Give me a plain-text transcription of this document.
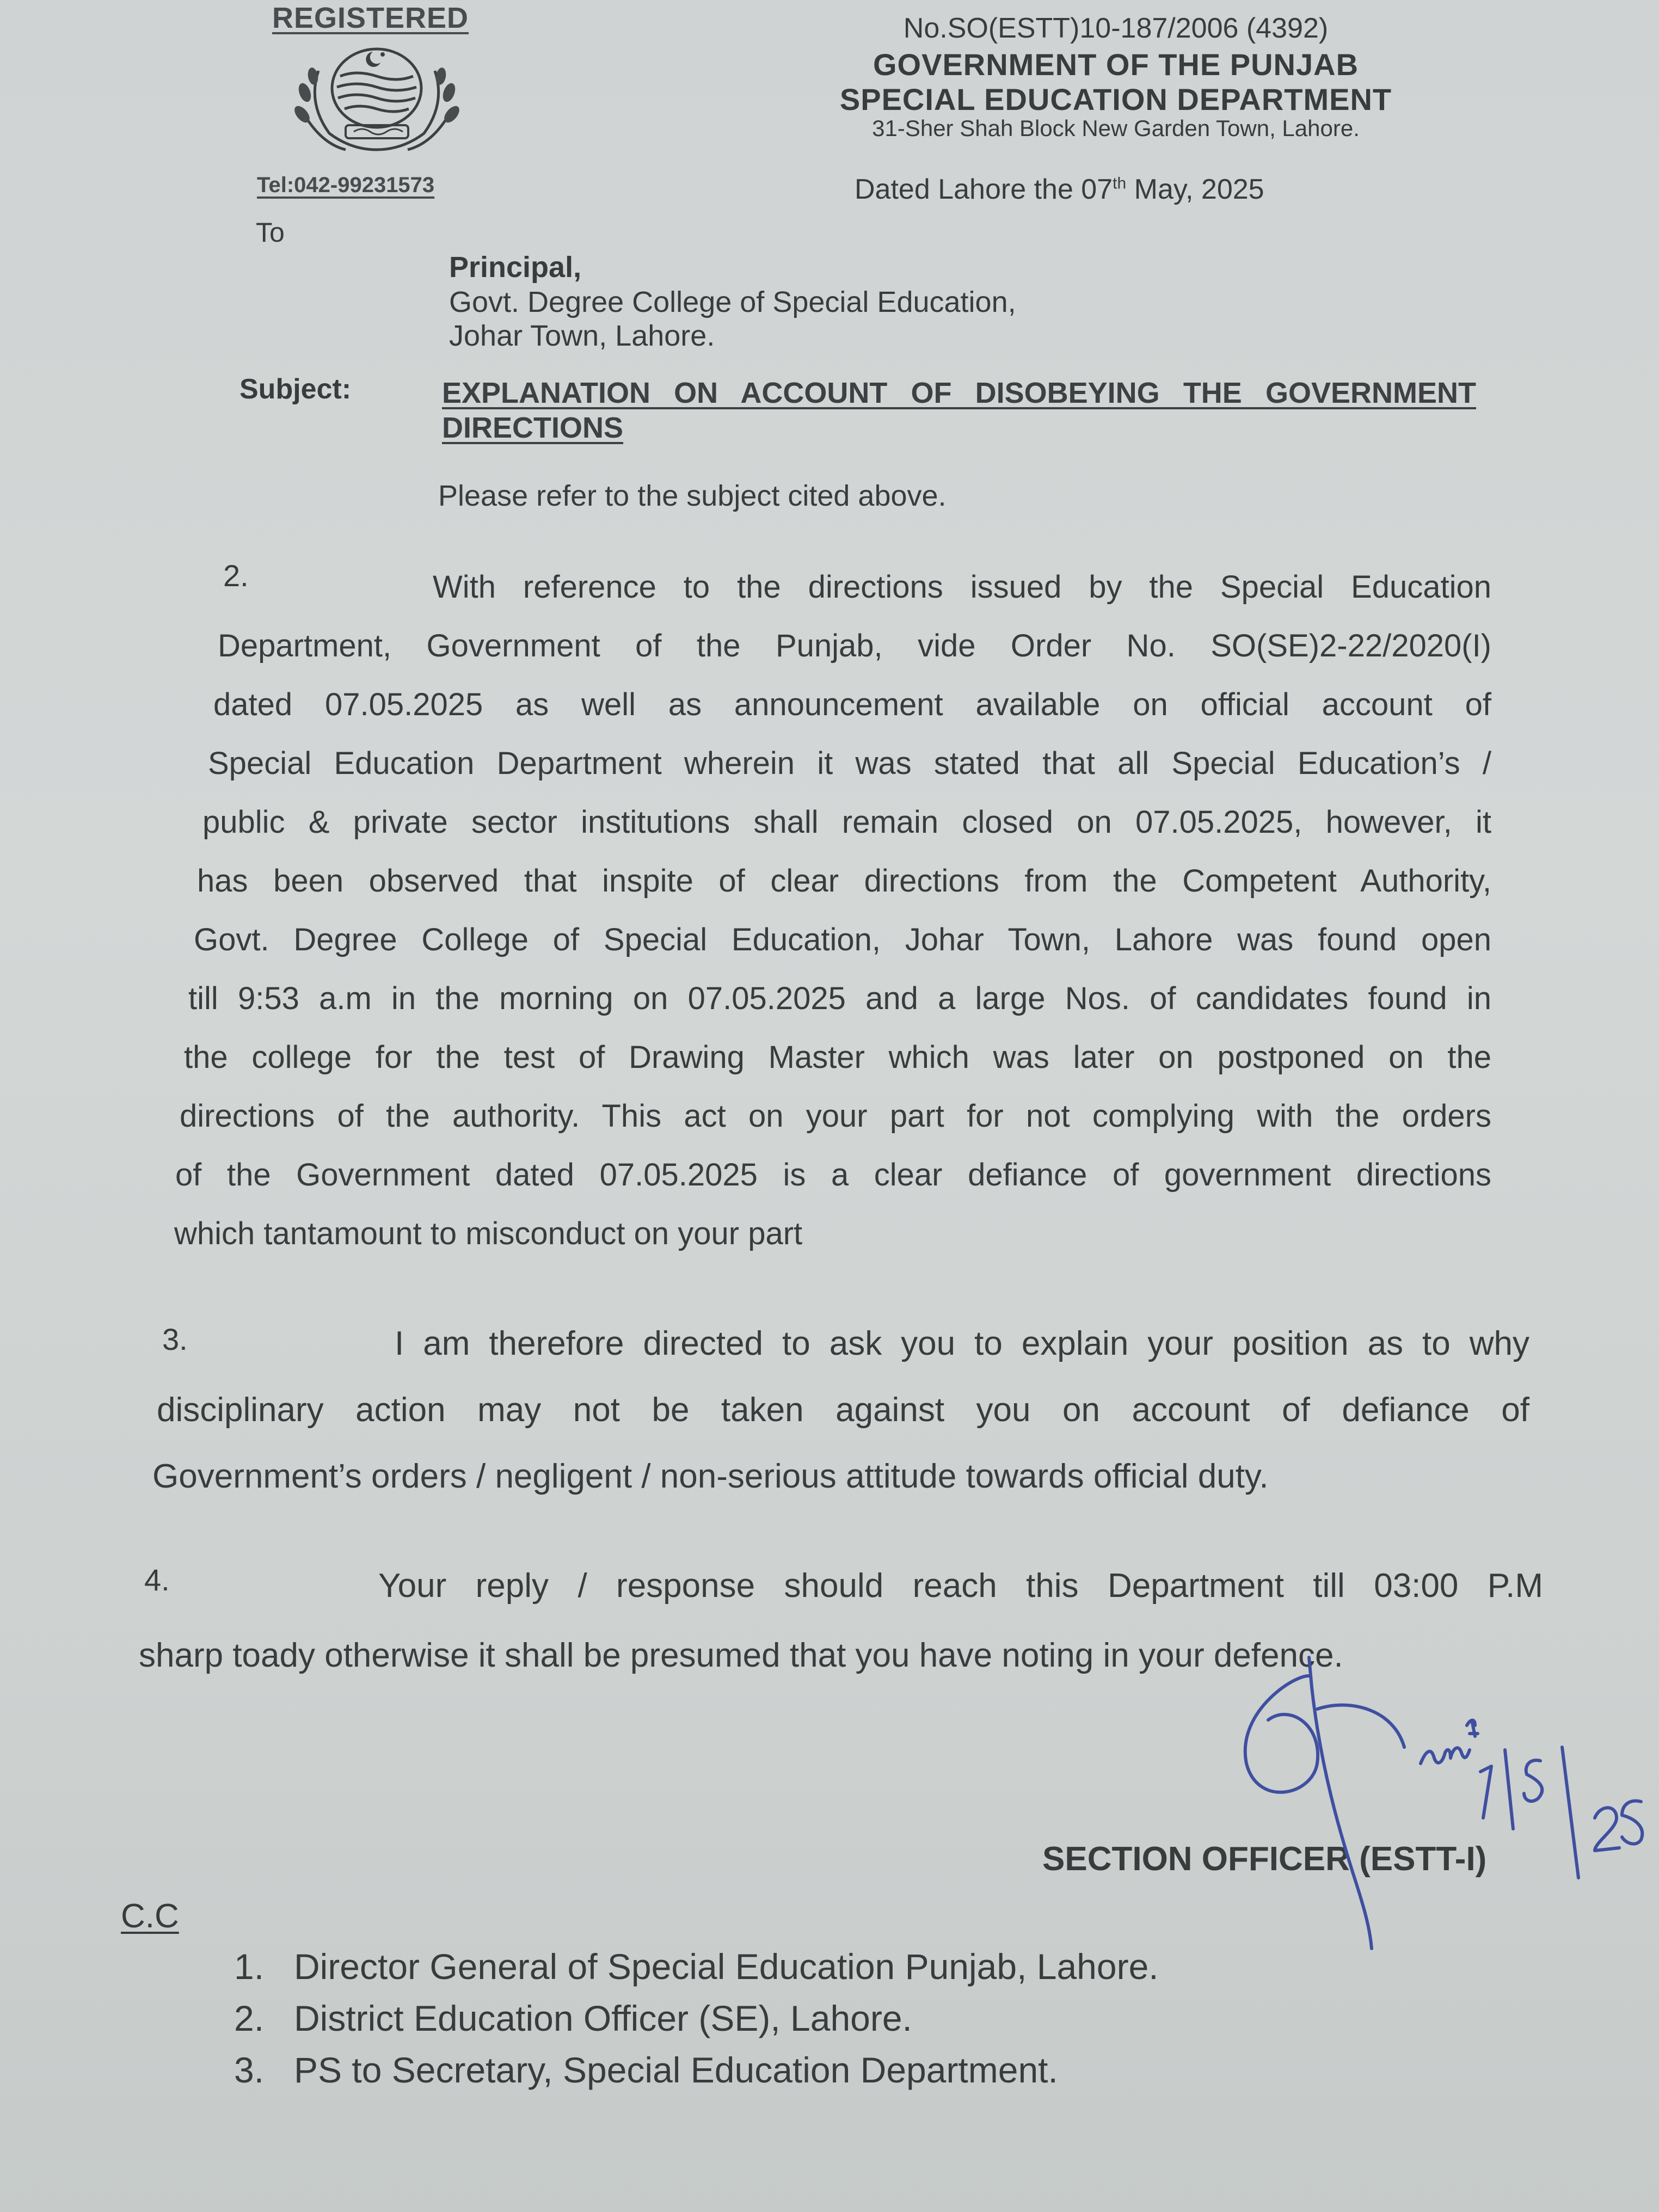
REGISTERED
Tel:042-99231573
To
No.SO(ESTT)10-187/2006 (4392)
GOVERNMENT OF THE PUNJAB
SPECIAL EDUCATION DEPARTMENT
31-Sher Shah Block New Garden Town, Lahore.
Dated Lahore the 07th May, 2025
Principal,
Govt. Degree College of Special Education,
Johar Town, Lahore.
Subject:	EXPLANATION ON ACCOUNT OF DISOBEYING THE GOVERNMENT DIRECTIONS
Please refer to the subject cited above.
2.	With reference to the directions issued by the Special Education
Department, Government of the Punjab, vide Order No. SO(SE)2-22/2020(I)
dated 07.05.2025 as well as announcement available on official account of
Special Education Department wherein it was stated that all Special Education’s /
public & private sector institutions shall remain closed on 07.05.2025, however, it
has been observed that inspite of clear directions from the Competent Authority,
Govt. Degree College of Special Education, Johar Town, Lahore was found open
till 9:53 a.m in the morning on 07.05.2025 and a large Nos. of candidates found in
the college for the test of Drawing Master which was later on postponed on the
directions of the authority. This act on your part for not complying with the orders
of the Government dated 07.05.2025 is a clear defiance of government directions
which tantamount to misconduct on your part
3.	I am therefore directed to ask you to explain your position as to why
disciplinary action may not be taken against you on account of defiance of
Government’s orders / negligent / non-serious attitude towards official duty.
4.	Your reply / response should reach this Department till 03:00 P.M
sharp toady otherwise it shall be presumed that you have noting in your defence.
SECTION OFFICER (ESTT-I)
C.C
1. Director General of Special Education Punjab, Lahore.
2. District Education Officer (SE), Lahore.
3. PS to Secretary, Special Education Department.
